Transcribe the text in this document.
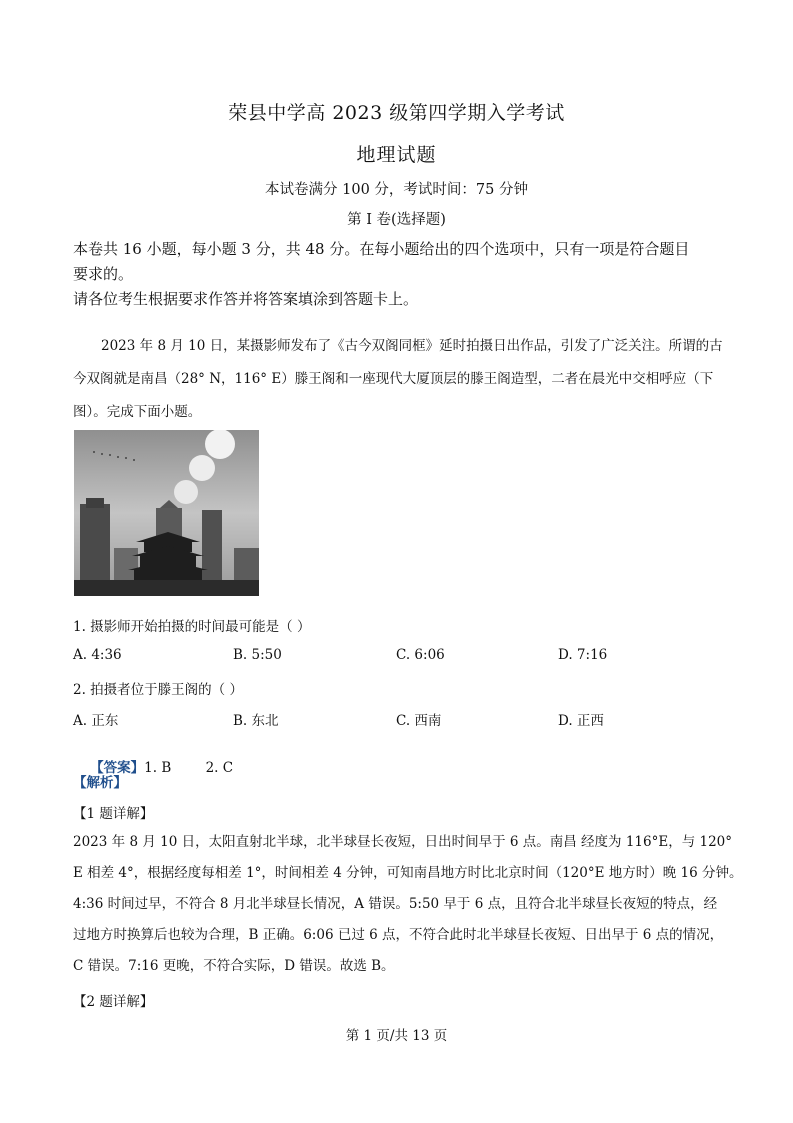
荣县中学高 2023 级第四学期入学考试
地理试题
本试卷满分 100 分，考试时间：75 分钟
第 I 卷(选择题)
本卷共 16 小题，每小题 3 分，共 48 分。在每小题给出的四个选项中，只有一项是符合题目
要求的。
请各位考生根据要求作答并将答案填涂到答题卡上。
2023 年 8 月 10 日，某摄影师发布了《古今双阁同框》延时拍摄日出作品，引发了广泛关注。所谓的古
今双阁就是南昌（28° N，116° E）滕王阁和一座现代大厦顶层的滕王阁造型，二者在晨光中交相呼应（下
图）。完成下面小题。
1. 摄影师开始拍摄的时间最可能是（ ）
A. 4:36	B. 5:50	C. 6:06	D. 7:16
2. 拍摄者位于滕王阁的（ ）
A. 正东	B. 东北	C. 西南	D. 正西

【答案】1. B        2. C

【解析】
【1 题详解】
2023 年 8 月 10 日，太阳直射北半球，北半球昼长夜短，日出时间早于 6 点。南昌 经度为 116°E，与 120°
E 相差 4°，根据经度每相差 1°，时间相差 4 分钟，可知南昌地方时比北京时间（120°E 地方时）晚 16 分钟。
4:36 时间过早，不符合 8 月北半球昼长情况，A 错误。5:50 早于 6 点，且符合北半球昼长夜短的特点，经
过地方时换算后也较为合理，B 正确。6:06 已过 6 点，不符合此时北半球昼长夜短、日出早于 6 点的情况，
C 错误。7:16 更晚，不符合实际，D 错误。故选 B。
【2 题详解】
第 1 页/共 13 页
